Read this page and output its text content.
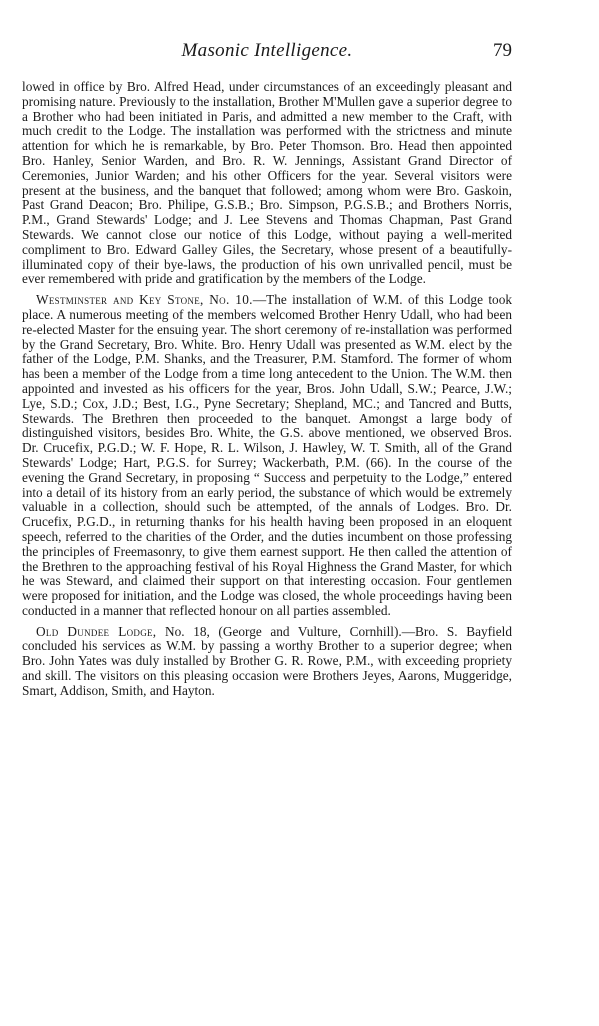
Masonic Intelligence.	79

lowed in office by Bro. Alfred Head, under circumstances of an exceedingly pleasant and promising nature. Previously to the installation, Brother M'Mullen gave a superior degree to a Brother who had been initiated in Paris, and admitted a new member to the Craft, with much credit to the Lodge. The installation was performed with the strictness and minute attention for which he is remarkable, by Bro. Peter Thomson. Bro. Head then appointed Bro. Hanley, Senior Warden, and Bro. R. W. Jennings, Assistant Grand Director of Ceremonies, Junior Warden; and his other Officers for the year. Several visitors were present at the business, and the banquet that followed; among whom were Bro. Gaskoin, Past Grand Deacon; Bro. Philipe, G.S.B.; Bro. Simpson, P.G.S.B.; and Brothers Norris, P.M., Grand Stewards' Lodge; and J. Lee Stevens and Thomas Chapman, Past Grand Stewards. We cannot close our notice of this Lodge, without paying a well-merited compliment to Bro. Edward Galley Giles, the Secretary, whose present of a beautifully-illuminated copy of their bye-laws, the production of his own unrivalled pencil, must be ever remembered with pride and gratification by the members of the Lodge.

Westminster and Key Stone, No. 10.—The installation of W.M. of this Lodge took place. A numerous meeting of the members welcomed Brother Henry Udall, who had been re-elected Master for the ensuing year. The short ceremony of re-installation was performed by the Grand Secretary, Bro. White. Bro. Henry Udall was presented as W.M. elect by the father of the Lodge, P.M. Shanks, and the Treasurer, P.M. Stamford. The former of whom has been a member of the Lodge from a time long antecedent to the Union. The W.M. then appointed and invested as his officers for the year, Bros. John Udall, S.W.; Pearce, J.W.; Lye, S.D.; Cox, J.D.; Best, I.G., Pyne Secretary; Shepland, MC.; and Tancred and Butts, Stewards. The Brethren then proceeded to the banquet. Amongst a large body of distinguished visitors, besides Bro. White, the G.S. above mentioned, we observed Bros. Dr. Crucefix, P.G.D.; W. F. Hope, R. L. Wilson, J. Hawley, W. T. Smith, all of the Grand Stewards' Lodge; Hart, P.G.S. for Surrey; Wackerbath, P.M. (66). In the course of the evening the Grand Secretary, in proposing “ Success and perpetuity to the Lodge,” entered into a detail of its history from an early period, the substance of which would be extremely valuable in a collection, should such be attempted, of the annals of Lodges. Bro. Dr. Crucefix, P.G.D., in returning thanks for his health having been proposed in an eloquent speech, referred to the charities of the Order, and the duties incumbent on those professing the principles of Freemasonry, to give them earnest support. He then called the attention of the Brethren to the approaching festival of his Royal Highness the Grand Master, for which he was Steward, and claimed their support on that interesting occasion. Four gentlemen were proposed for initiation, and the Lodge was closed, the whole proceedings having been conducted in a manner that reflected honour on all parties assembled.

Old Dundee Lodge, No. 18, (George and Vulture, Cornhill).—Bro. S. Bayfield concluded his services as W.M. by passing a worthy Brother to a superior degree; when Bro. John Yates was duly installed by Brother G. R. Rowe, P.M., with exceeding propriety and skill. The visitors on this pleasing occasion were Brothers Jeyes, Aarons, Muggeridge, Smart, Addison, Smith, and Hayton.
